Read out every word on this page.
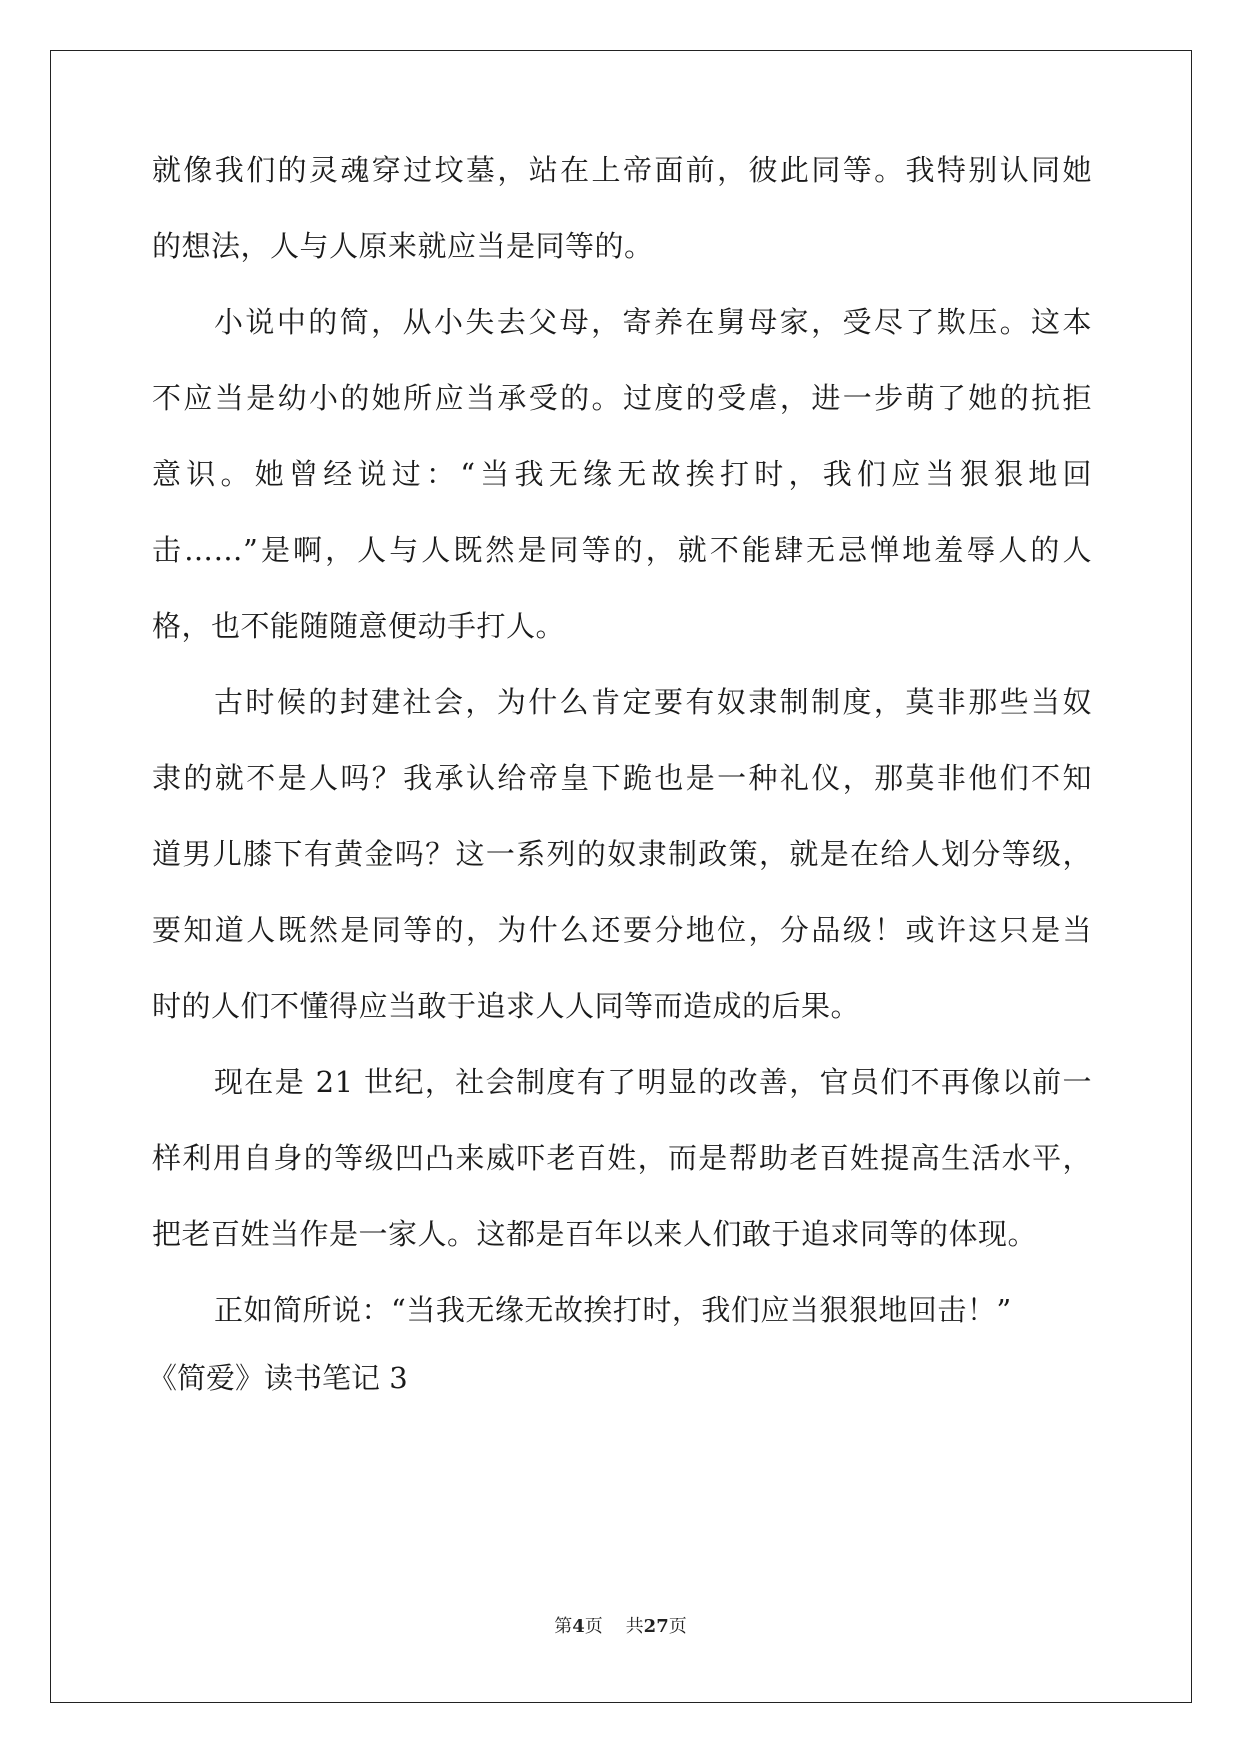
就像我们的灵魂穿过坟墓，站在上帝面前，彼此同等。我特别认同她
的想法，人与人原来就应当是同等的。
小说中的简，从小失去父母，寄养在舅母家，受尽了欺压。这本
不应当是幼小的她所应当承受的。过度的受虐，进一步萌了她的抗拒
意识。她曾经说过：“当我无缘无故挨打时，我们应当狠狠地回
击……”是啊，人与人既然是同等的，就不能肆无忌惮地羞辱人的人
格，也不能随随意便动手打人。
古时候的封建社会，为什么肯定要有奴隶制制度，莫非那些当奴
隶的就不是人吗？我承认给帝皇下跪也是一种礼仪，那莫非他们不知
道男儿膝下有黄金吗？这一系列的奴隶制政策，就是在给人划分等级，
要知道人既然是同等的，为什么还要分地位，分品级！或许这只是当
时的人们不懂得应当敢于追求人人同等而造成的后果。
现在是 21 世纪，社会制度有了明显的改善，官员们不再像以前一
样利用自身的等级凹凸来威吓老百姓，而是帮助老百姓提高生活水平，
把老百姓当作是一家人。这都是百年以来人们敢于追求同等的体现。
正如简所说：“当我无缘无故挨打时，我们应当狠狠地回击！”
《简爱》读书笔记 3
第4页 共27页
